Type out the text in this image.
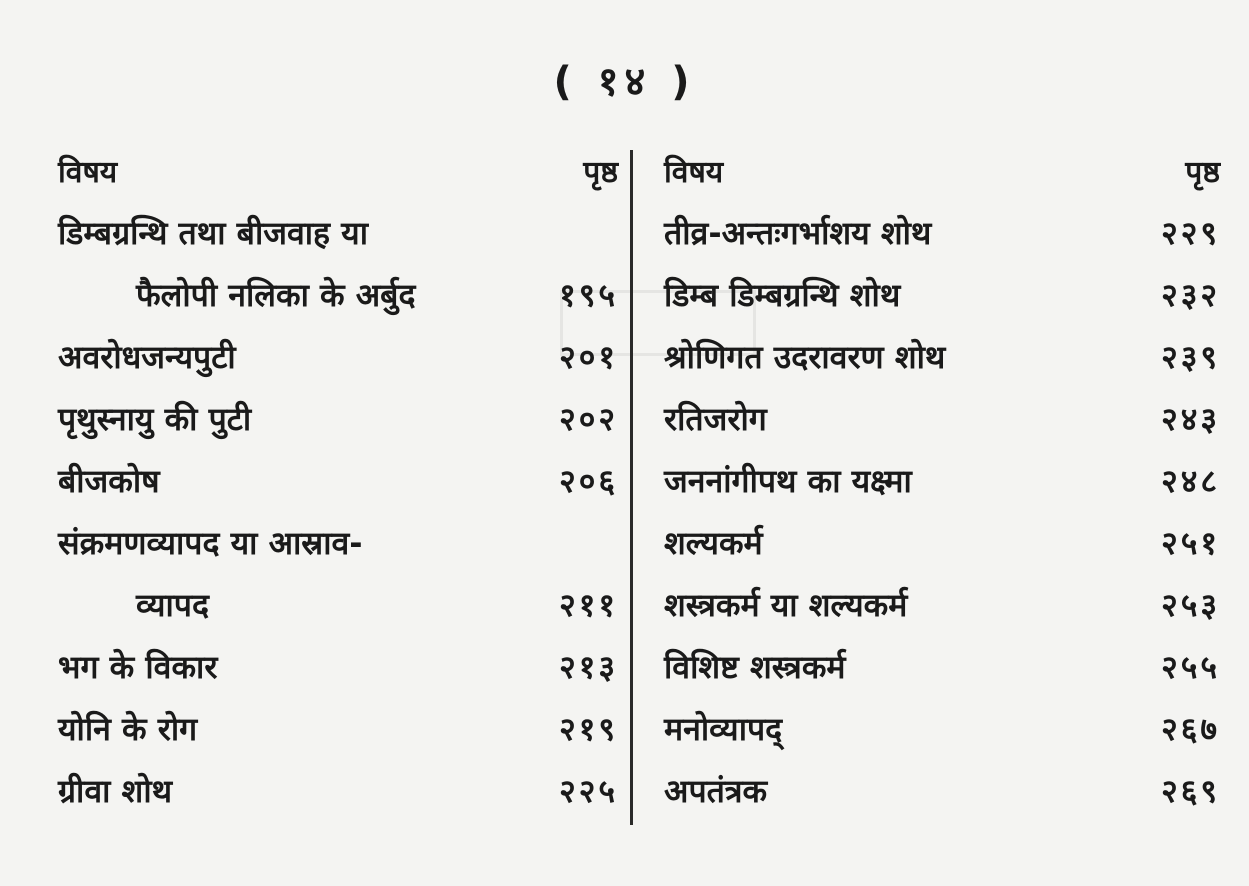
( १४ )
विषय	पृष्ठ
डिम्बग्रन्थि तथा बीजवाह या
फैलोपी नलिका के अर्बुद	१९५
अवरोधजन्यपुटी	२०१
पृथुस्नायु की पुटी	२०२
बीजकोष	२०६
संक्रमणव्यापद या आस्राव-
व्यापद	२११
भग के विकार	२१३
योनि के रोग	२१९
ग्रीवा शोथ	२२५
विषय	पृष्ठ
तीव्र-अन्तःगर्भाशय शोथ	२२९
डिम्ब डिम्बग्रन्थि शोथ	२३२
श्रोणिगत उदरावरण शोथ	२३९
रतिजरोग	२४३
जननांगीपथ का यक्ष्मा	२४८
शल्यकर्म	२५१
शस्त्रकर्म या शल्यकर्म	२५३
विशिष्ट शस्त्रकर्म	२५५
मनोव्यापद्	२६७
अपतंत्रक	२६९
